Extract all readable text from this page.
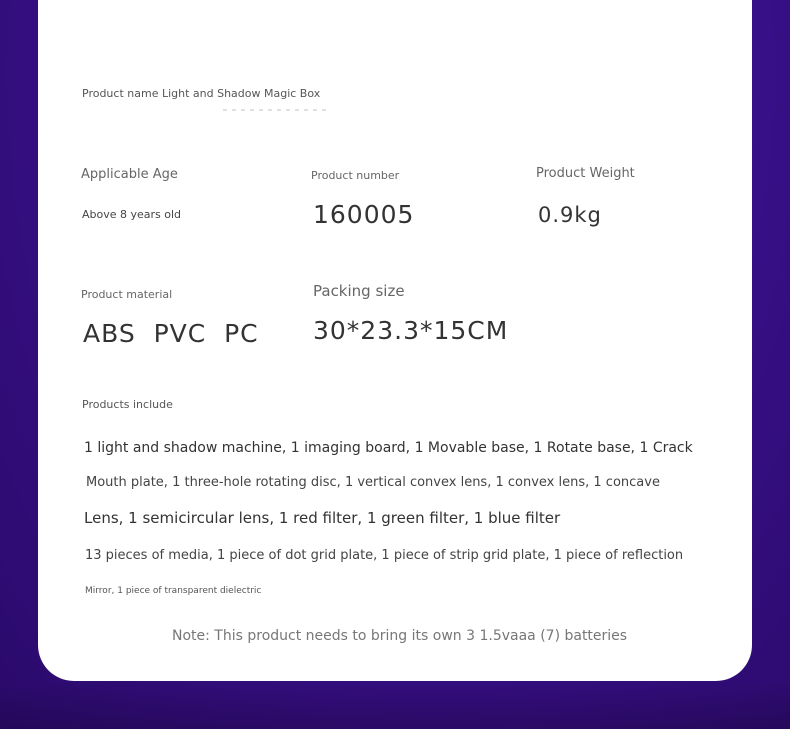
Product name Light and Shadow Magic Box
Applicable Age
Above 8 years old
Product number
160005
Product Weight
0.9kg
Product material
ABS  PVC  PC
Packing size
30*23.3*15CM
Products include
1 light and shadow machine, 1 imaging board, 1 Movable base, 1 Rotate base, 1 Crack
Mouth plate, 1 three-hole rotating disc, 1 vertical convex lens, 1 convex lens, 1 concave
Lens, 1 semicircular lens, 1 red filter, 1 green filter, 1 blue filter
13 pieces of media, 1 piece of dot grid plate, 1 piece of strip grid plate, 1 piece of reflection
Mirror, 1 piece of transparent dielectric
Note: This product needs to bring its own 3 1.5vaaa (7) batteries
